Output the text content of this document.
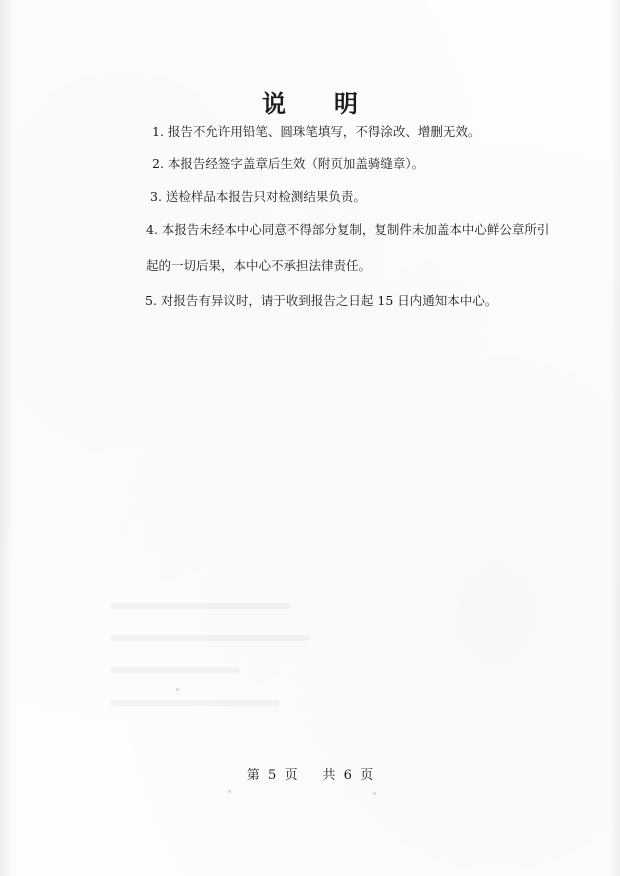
说　明
1. 报告不允许用铅笔、圆珠笔填写，不得涂改、增删无效。
2. 本报告经签字盖章后生效（附页加盖骑缝章）。
3. 送检样品本报告只对检测结果负责。
4. 本报告未经本中心同意不得部分复制，复制件未加盖本中心鲜公章所引
起的一切后果，本中心不承担法律责任。
5. 对报告有异议时，请于收到报告之日起 15 日内通知本中心。
第 5 页 共 6 页
